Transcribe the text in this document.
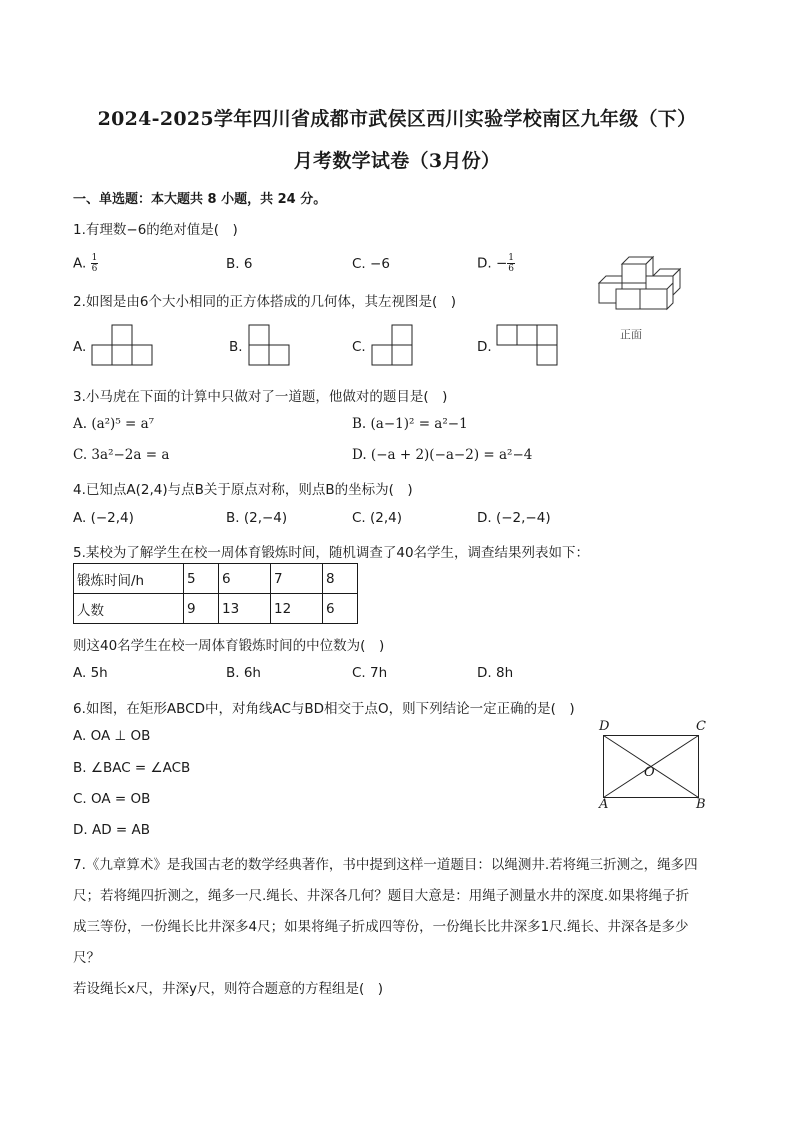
2024-2025学年四川省成都市武侯区西川实验学校南区九年级（下）
月考数学试卷（3月份）
一、单选题：本大题共 8 小题，共 24 分。
1.有理数−6的绝对值是(　)
A. $\frac{1}{6}$	B. 6	C. −6	D. − $\frac{1}{6}$
正面
2.如图是由6个大小相同的正方体搭成的几何体，其左视图是(　)
A.	B.	C.	D.
3.小马虎在下面的计算中只做对了一道题，他做对的题目是(　)
A. (a²)⁵ = a⁷	B. (a−1)² = a²−1
C. 3a²−2a = a	D. (−a + 2)(−a−2) = a²−4
4.已知点A(2,4)与点B关于原点对称，则点B的坐标为(　)
A. (−2,4)	B. (2,−4)	C. (2,4)	D. (−2,−4)
5.某校为了解学生在校一周体育锻炼时间，随机调查了40名学生，调查结果列表如下：
锻炼时间/h	5	6	7	8
人数	9	13	12	6
则这40名学生在校一周体育锻炼时间的中位数为(　)
A. 5h	B. 6h	C. 7h	D. 8h
6.如图，在矩形ABCD中，对角线AC与BD相交于点O，则下列结论一定正确的是(　)
A. OA ⊥ OB
B. ∠BAC = ∠ACB
C. OA = OB
D. AD = AB
D	C
O
A	B
7.《九章算术》是我国古老的数学经典著作，书中提到这样一道题目：以绳测井.若将绳三折测之，绳多四
尺；若将绳四折测之，绳多一尺.绳长、井深各几何？题目大意是：用绳子测量水井的深度.如果将绳子折
成三等份，一份绳长比井深多4尺；如果将绳子折成四等份，一份绳长比井深多1尺.绳长、井深各是多少
尺？
若设绳长x尺，井深y尺，则符合题意的方程组是(　)
